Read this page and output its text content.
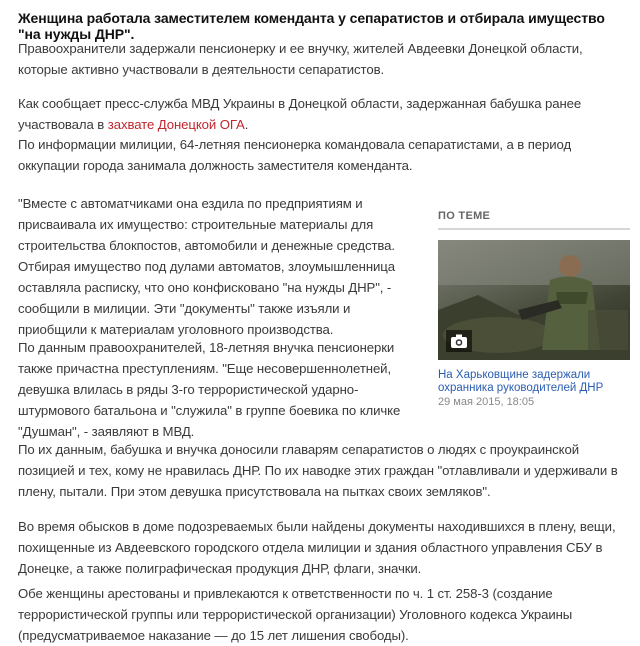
Женщина работала заместителем коменданта у сепаратистов и отбирала имущество "на нужды ДНР".

Правоохранители задержали пенсионерку и ее внучку, жителей Авдеевки Донецкой области, которые активно участвовали в деятельности сепаратистов.

Как сообщает пресс-служба МВД Украины в Донецкой области, задержанная бабушка ранее участвовала в захвате Донецкой ОГА.

По информации милиции, 64-летняя пенсионерка командовала сепаратистами, а в период оккупации города занимала должность заместителя коменданта.

"Вместе с автоматчиками она ездила по предприятиям и присваивала их имущество: строительные материалы для строительства блокпостов, автомобили и денежные средства. Отбирая имущество под дулами автоматов, злоумышленница оставляла расписку, что оно конфисковано "на нужды ДНР", - сообщили в милиции. Эти "документы" также изъяли и приобщили к материалам уголовного производства.

По данным правоохранителей, 18-летняя внучка пенсионерки также причастна преступлениям. "Еще несовершеннолетней, девушка влилась в ряды 3-го террористической ударно-штурмового батальона и "служила" в группе боевика по кличке "Душман", - заявляют в МВД.

По их данным, бабушка и внучка доносили главарям сепаратистов о людях с проукраинской позицией и тех, кому не нравилась ДНР. По их наводке этих граждан "отлавливали и удерживали в плену, пытали. При этом девушка присутствовала на пытках своих земляков".

Во время обысков в доме подозреваемых были найдены документы находившихся в плену, вещи, похищенные из Авдеевского городского отдела милиции и здания областного управления СБУ в Донецке, а также полиграфическая продукция ДНР, флаги, значки.

Обе женщины арестованы и привлекаются к ответственности по ч. 1 ст. 258-3 (создание террористической группы или террористической организации) Уголовного кодекса Украины (предусматриваемое наказание — до 15 лет лишения свободы).

ПО ТЕМЕ
На Харьковщине задержали охранника руководителей ДНР
29 мая 2015, 18:05
